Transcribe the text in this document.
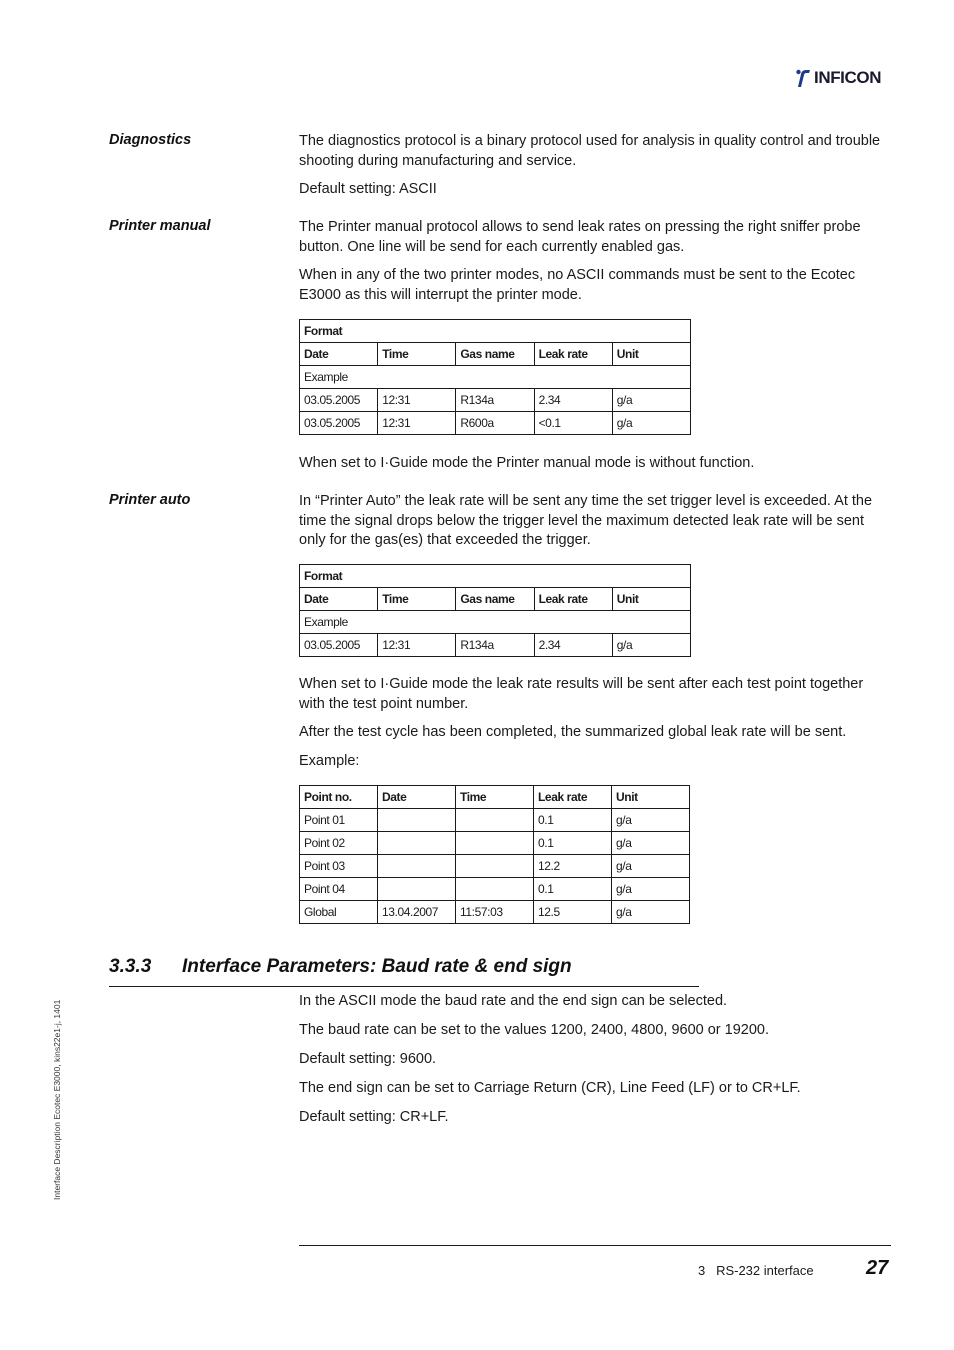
INFICON
Diagnostics	The diagnostics protocol is a binary protocol used for analysis in quality control and trouble shooting during manufacturing and service.
Default setting: ASCII
Printer manual	The Printer manual protocol allows to send leak rates on pressing the right sniffer probe button. One line will be send for each currently enabled gas.
When in any of the two printer modes, no ASCII commands must be sent to the Ecotec E3000 as this will interrupt the printer mode.
Format				
Date	Time	Gas name	Leak rate	Unit
Example				
03.05.2005	12:31	R134a	2.34	g/a
03.05.2005	12:31	R600a	<0.1	g/a
When set to I·Guide mode the Printer manual mode is without function.
Printer auto	In “Printer Auto” the leak rate will be sent any time the set trigger level is exceeded. At the time the signal drops below the trigger level the maximum detected leak rate will be sent only for the gas(es) that exceeded the trigger.
Format				
Date	Time	Gas name	Leak rate	Unit
Example				
03.05.2005	12:31	R134a	2.34	g/a
When set to I·Guide mode the leak rate results will be sent after each test point together with the test point number.
After the test cycle has been completed, the summarized global leak rate will be sent.
Example:
Point no.	Date	Time	Leak rate	Unit
Point 01			0.1	g/a
Point 02			0.1	g/a
Point 03			12.2	g/a
Point 04			0.1	g/a
Global	13.04.2007	11:57:03	12.5	g/a
3.3.3 Interface Parameters: Baud rate & end sign
In the ASCII mode the baud rate and the end sign can be selected.
The baud rate can be set to the values 1200, 2400, 4800, 9600 or 19200.
Default setting: 9600.
The end sign can be set to Carriage Return (CR), Line Feed (LF) or to CR+LF.
Default setting: CR+LF.
Interface Description Ecotec E3000, kins22e1-j, 1401
3   RS-232 interface	27
